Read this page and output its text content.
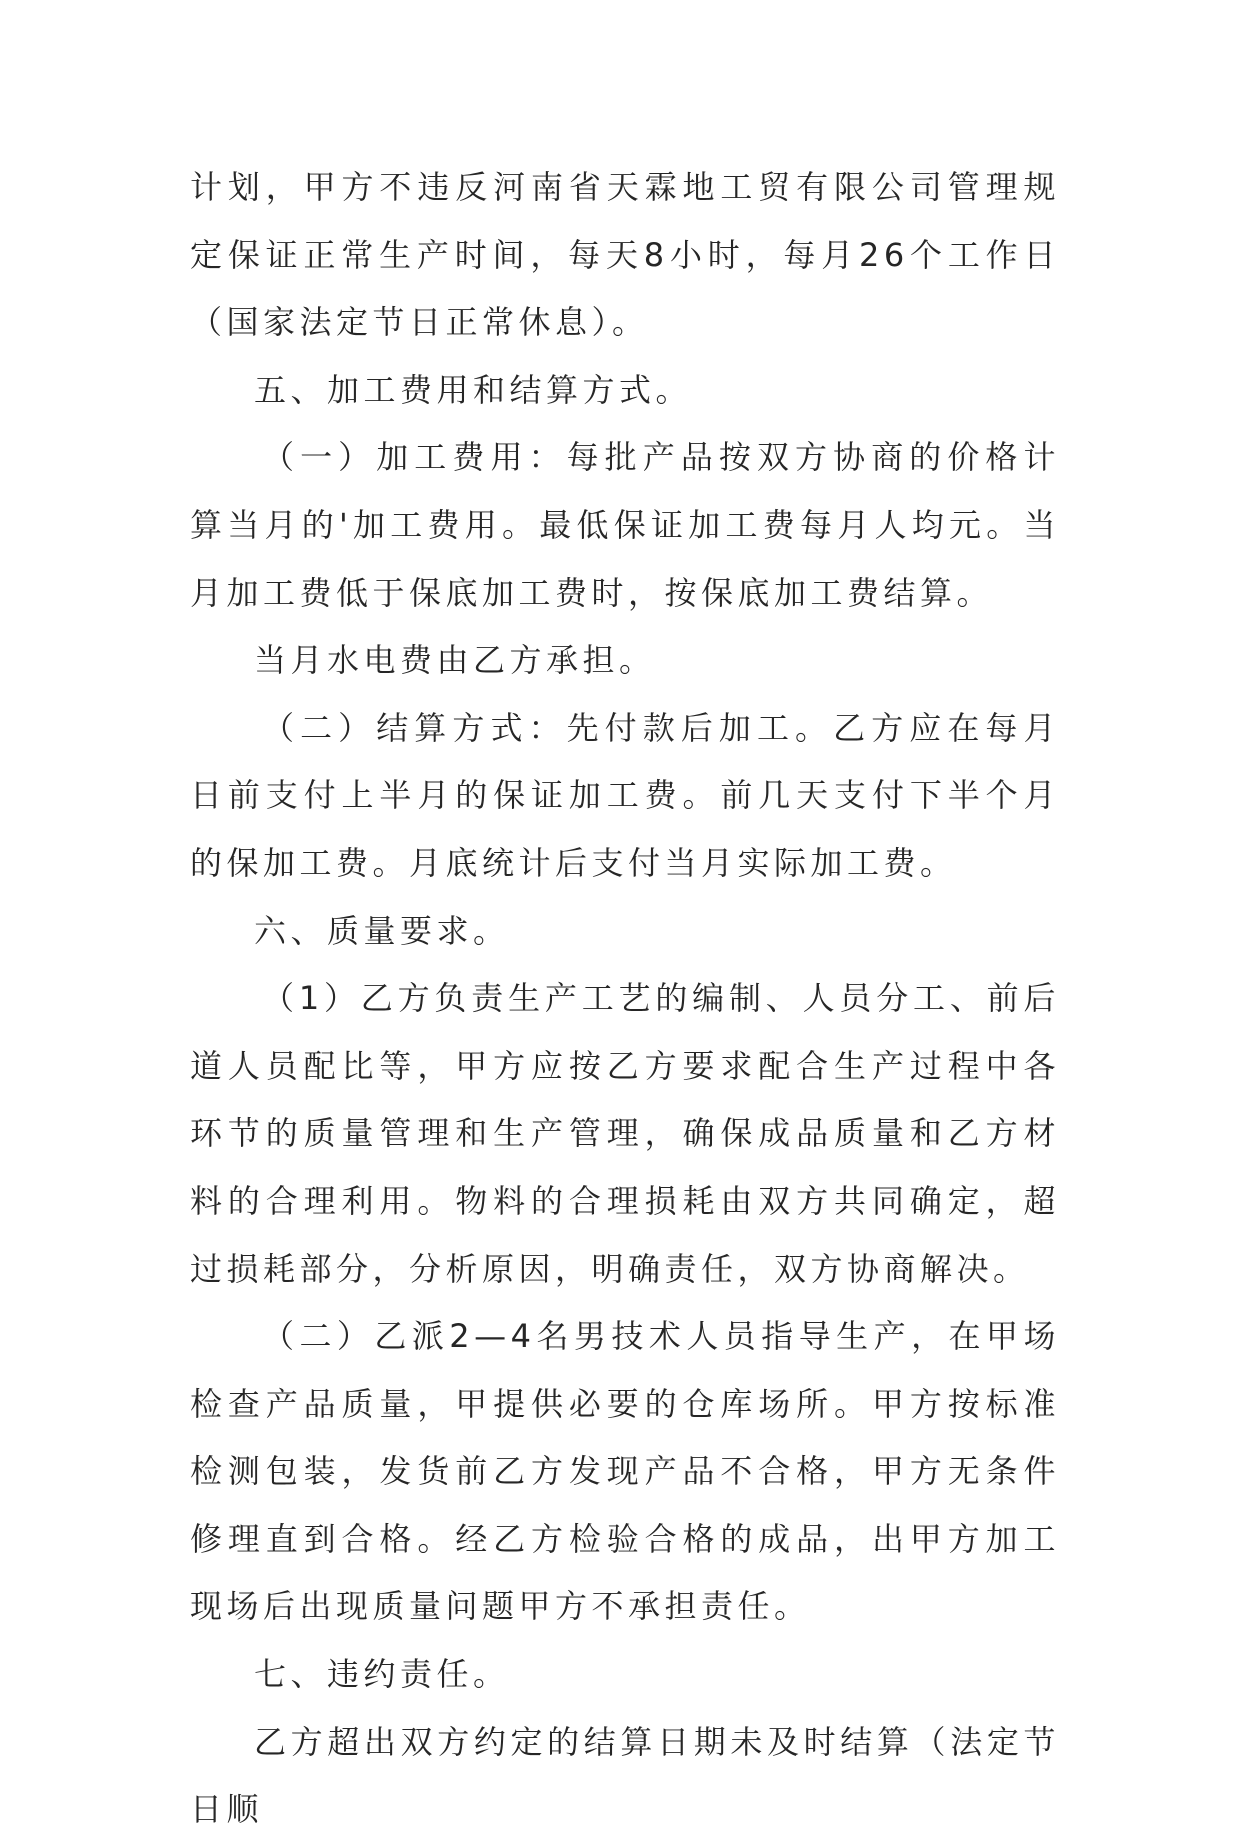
计划，甲方不违反河南省天霖地工贸有限公司管理规定保证正常生产时间，每天8小时，每月26个工作日（国家法定节日正常休息）。

五、加工费用和结算方式。

（一）加工费用：每批产品按双方协商的价格计算当月的'加工费用。最低保证加工费每月人均元。当月加工费低于保底加工费时，按保底加工费结算。

当月水电费由乙方承担。

（二）结算方式：先付款后加工。乙方应在每月日前支付上半月的保证加工费。前几天支付下半个月的保加工费。月底统计后支付当月实际加工费。

六、质量要求。

（1）乙方负责生产工艺的编制、人员分工、前后道人员配比等，甲方应按乙方要求配合生产过程中各环节的质量管理和生产管理，确保成品质量和乙方材料的合理利用。物料的合理损耗由双方共同确定，超过损耗部分，分析原因，明确责任，双方协商解决。

（二）乙派2—4名男技术人员指导生产，在甲场检查产品质量，甲提供必要的仓库场所。甲方按标准检测包装，发货前乙方发现产品不合格，甲方无条件修理直到合格。经乙方检验合格的成品，出甲方加工现场后出现质量问题甲方不承担责任。

七、违约责任。

乙方超出双方约定的结算日期未及时结算（法定节日顺
